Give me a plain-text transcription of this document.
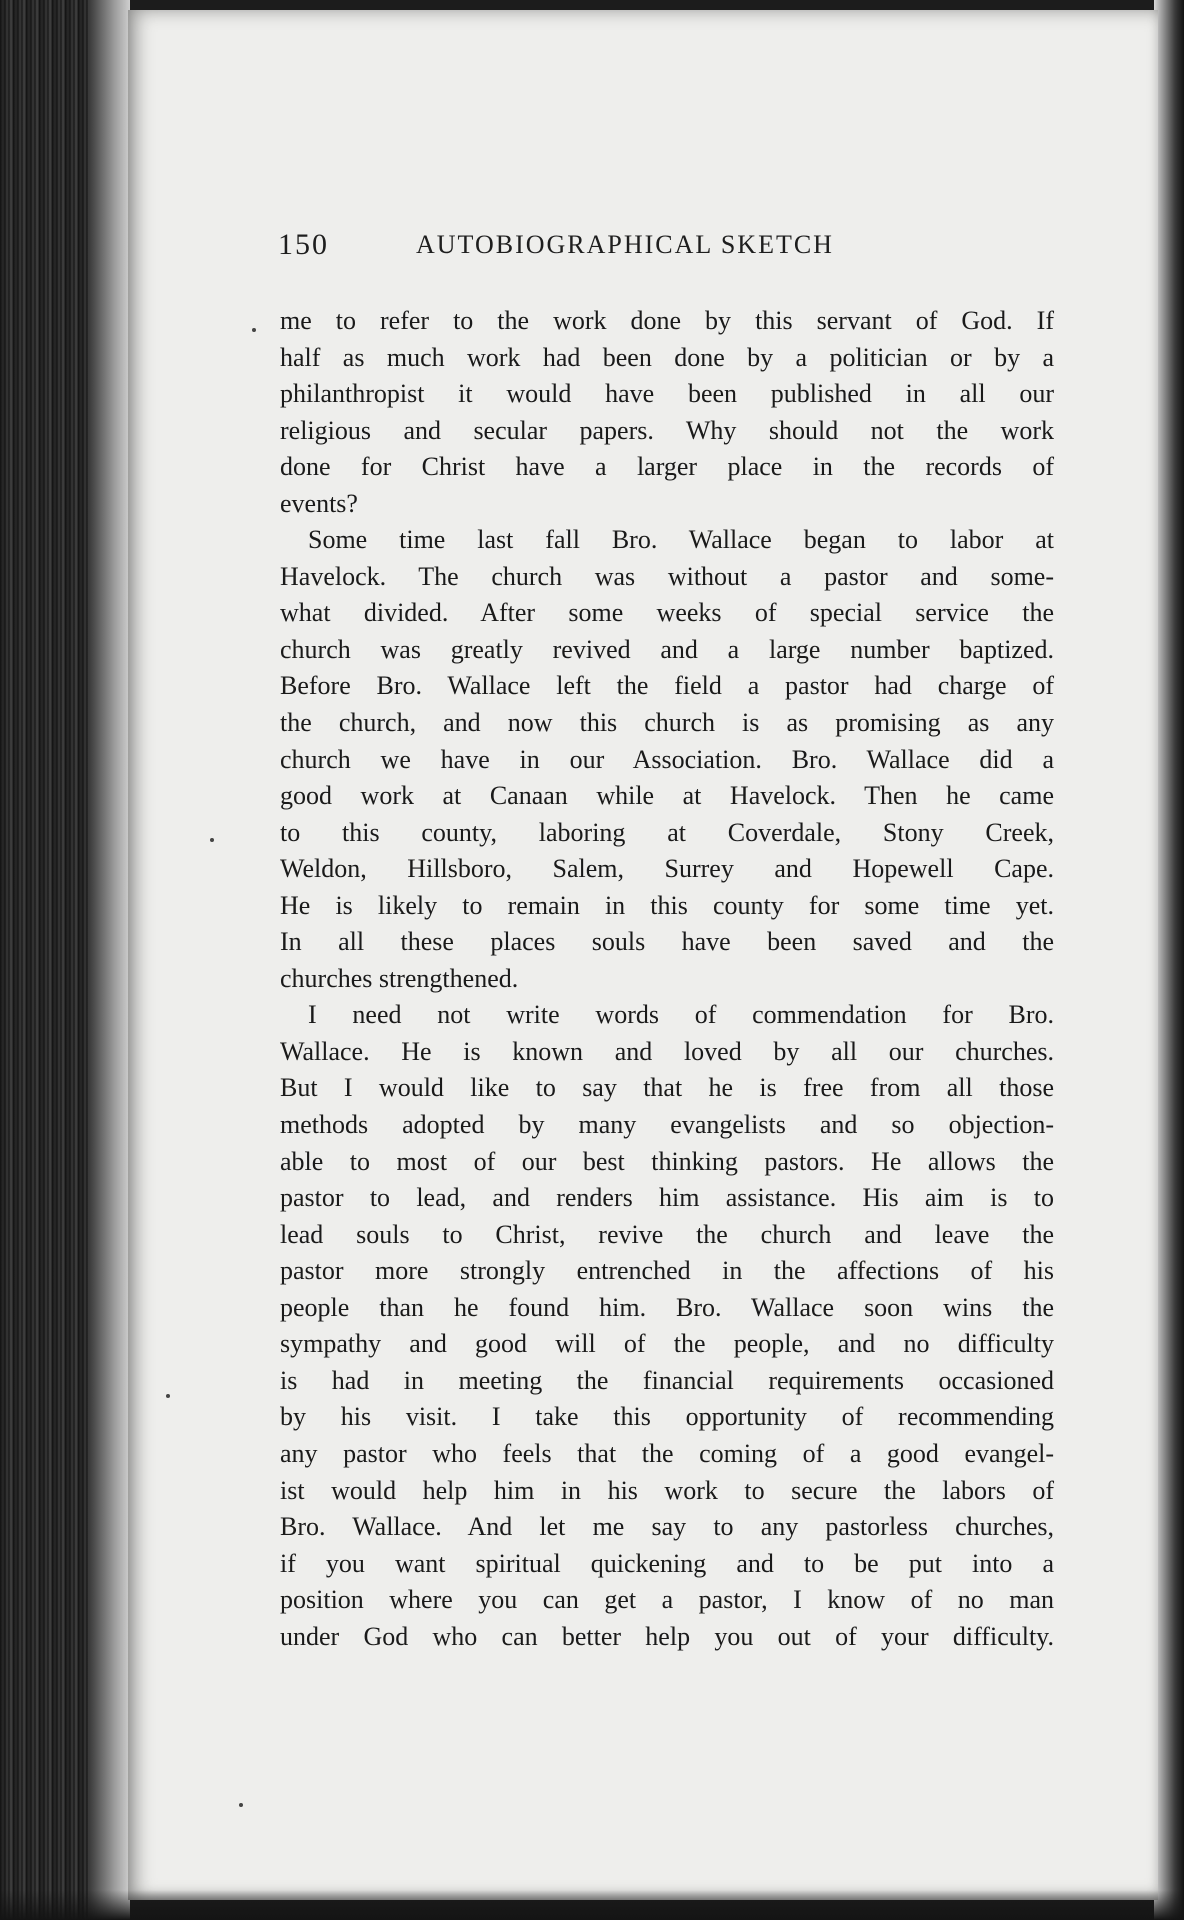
150	AUTOBIOGRAPHICAL SKETCH
me to refer to the work done by this servant of God. If
half as much work had been done by a politician or by a
philanthropist it would have been published in all our
religious and secular papers. Why should not the work
done for Christ have a larger place in the records of
events?
Some time last fall Bro. Wallace began to labor at
Havelock. The church was without a pastor and some-
what divided. After some weeks of special service the
church was greatly revived and a large number baptized.
Before Bro. Wallace left the field a pastor had charge of
the church, and now this church is as promising as any
church we have in our Association. Bro. Wallace did a
good work at Canaan while at Havelock. Then he came
to this county, laboring at Coverdale, Stony Creek,
Weldon, Hillsboro, Salem, Surrey and Hopewell Cape.
He is likely to remain in this county for some time yet.
In all these places souls have been saved and the
churches strengthened.
I need not write words of commendation for Bro.
Wallace. He is known and loved by all our churches.
But I would like to say that he is free from all those
methods adopted by many evangelists and so objection-
able to most of our best thinking pastors. He allows the
pastor to lead, and renders him assistance. His aim is to
lead souls to Christ, revive the church and leave the
pastor more strongly entrenched in the affections of his
people than he found him. Bro. Wallace soon wins the
sympathy and good will of the people, and no difficulty
is had in meeting the financial requirements occasioned
by his visit. I take this opportunity of recommending
any pastor who feels that the coming of a good evangel-
ist would help him in his work to secure the labors of
Bro. Wallace. And let me say to any pastorless churches,
if you want spiritual quickening and to be put into a
position where you can get a pastor, I know of no man
under God who can better help you out of your difficulty.
